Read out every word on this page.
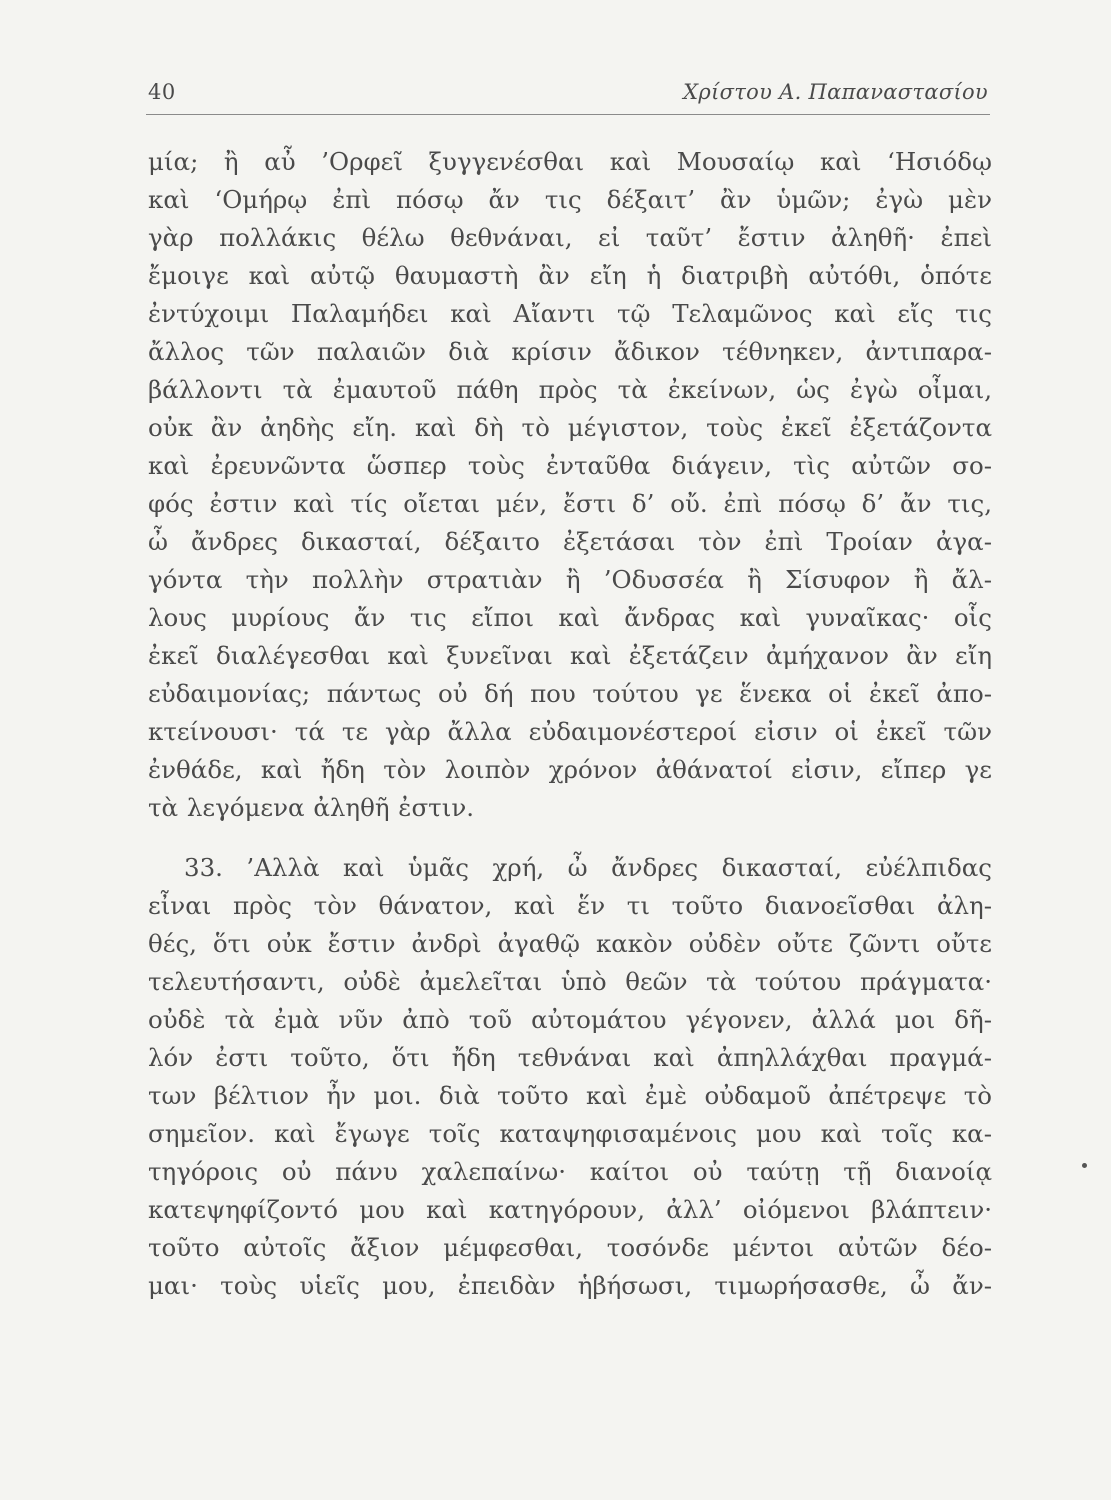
40	Χρίστου Α. Παπαναστασίου
μία; ἢ αὖ ’Ορφεῖ ξυγγενέσθαι καὶ Μουσαίῳ καὶ ‘Ησιόδῳ
καὶ ‘Ομήρῳ ἐπὶ πόσῳ ἄν τις δέξαιτ’ ἂν ὑμῶν; ἐγὼ μὲν
γὰρ πολλάκις θέλω θεθνάναι, εἰ ταῦτ’ ἔστιν ἀληθῆ· ἐπεὶ
ἔμοιγε καὶ αὐτῷ θαυμαστὴ ἂν εἴη ἡ διατριβὴ αὐτόθι, ὁπότε
ἐντύχοιμι Παλαμήδει καὶ Αἴαντι τῷ Τελαμῶνος καὶ εἴς τις
ἄλλος τῶν παλαιῶν διὰ κρίσιν ἄδικον τέθνηκεν, ἀντιπαρα-
βάλλοντι τὰ ἐμαυτοῦ πάθη πρὸς τὰ ἐκείνων, ὡς ἐγὼ οἶμαι,
οὐκ ἂν ἀηδὴς εἴη. καὶ δὴ τὸ μέγιστον, τοὺς ἐκεῖ ἐξετάζοντα
καὶ ἐρευνῶντα ὥσπερ τοὺς ἐνταῦθα διάγειν, τὶς αὐτῶν σο-
φός ἐστιν καὶ τίς οἴεται μέν, ἔστι δ’ οὔ. ἐπὶ πόσῳ δ’ ἄν τις,
ὦ ἄνδρες δικασταί, δέξαιτο ἐξετάσαι τὸν ἐπὶ Τροίαν ἀγα-
γόντα τὴν πολλὴν στρατιὰν ἢ ’Οδυσσέα ἢ Σίσυφον ἢ ἄλ-
λους μυρίους ἄν τις εἴποι καὶ ἄνδρας καὶ γυναῖκας· οἷς
ἐκεῖ διαλέγεσθαι καὶ ξυνεῖναι καὶ ἐξετάζειν ἀμήχανον ἂν εἴη
εὐδαιμονίας; πάντως οὐ δή που τούτου γε ἕνεκα οἱ ἐκεῖ ἀπο-
κτείνουσι· τά τε γὰρ ἄλλα εὐδαιμονέστεροί εἰσιν οἱ ἐκεῖ τῶν
ἐνθάδε, καὶ ἤδη τὸν λοιπὸν χρόνον ἀθάνατοί εἰσιν, εἴπερ γε
τὰ λεγόμενα ἀληθῆ ἐστιν.
33. ’Αλλὰ καὶ ὑμᾶς χρή, ὦ ἄνδρες δικασταί, εὐέλπιδας
εἶναι πρὸς τὸν θάνατον, καὶ ἕν τι τοῦτο διανοεῖσθαι ἀλη-
θές, ὅτι οὐκ ἔστιν ἀνδρὶ ἀγαθῷ κακὸν οὐδὲν οὔτε ζῶντι οὔτε
τελευτήσαντι, οὐδὲ ἀμελεῖται ὑπὸ θεῶν τὰ τούτου πράγματα·
οὐδὲ τὰ ἐμὰ νῦν ἀπὸ τοῦ αὐτομάτου γέγονεν, ἀλλά μοι δῆ-
λόν ἐστι τοῦτο, ὅτι ἤδη τεθνάναι καὶ ἀπηλλάχθαι πραγμά-
των βέλτιον ἦν μοι. διὰ τοῦτο καὶ ἐμὲ οὐδαμοῦ ἀπέτρεψε τὸ
σημεῖον. καὶ ἔγωγε τοῖς καταψηφισαμένοις μου καὶ τοῖς κα-
τηγόροις οὐ πάνυ χαλεπαίνω· καίτοι οὐ ταύτῃ τῇ διανοίᾳ
κατεψηφίζοντό μου καὶ κατηγόρουν, ἀλλ’ οἰόμενοι βλάπτειν·
τοῦτο αὐτοῖς ἄξιον μέμφεσθαι, τοσόνδε μέντοι αὐτῶν δέο-
μαι· τοὺς υἱεῖς μου, ἐπειδὰν ἡβήσωσι, τιμωρήσασθε, ὦ ἄν-
